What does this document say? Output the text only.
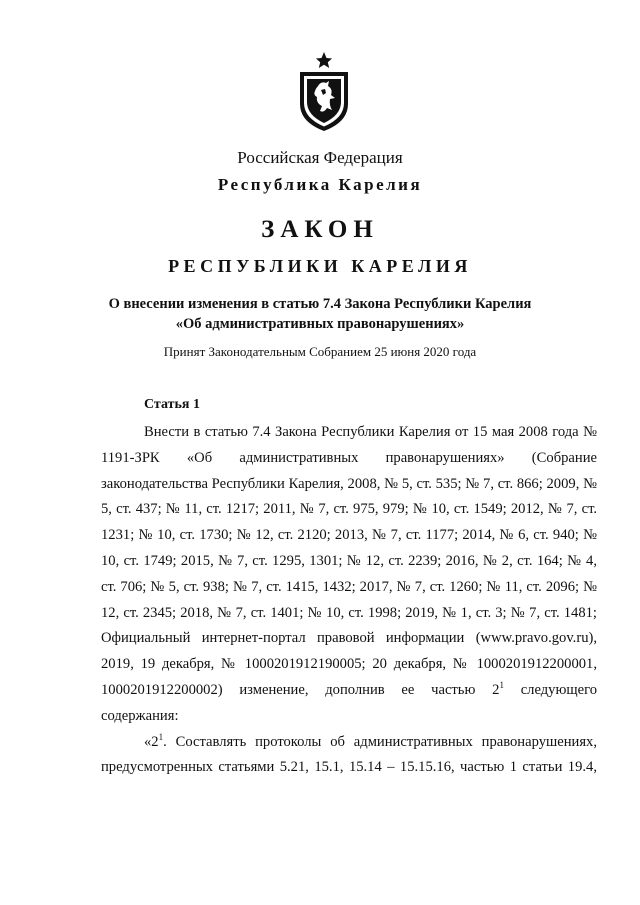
Российская Федерация
Республика Карелия
ЗАКОН
РЕСПУБЛИКИ КАРЕЛИЯ
О внесении изменения в статью 7.4 Закона Республики Карелия
«Об административных правонарушениях»
Принят Законодательным Собранием 25 июня 2020 года
Статья 1

Внести в статью 7.4 Закона Республики Карелия от 15 мая 2008 года № 1191-ЗРК «Об административных правонарушениях» (Собрание законодательства Республики Карелия, 2008, № 5, ст. 535; № 7, ст. 866; 2009, № 5, ст. 437; № 11, ст. 1217; 2011, № 7, ст. 975, 979; № 10, ст. 1549; 2012, № 7, ст. 1231; № 10, ст. 1730; № 12, ст. 2120; 2013, № 7, ст. 1177; 2014, № 6, ст. 940; № 10, ст. 1749; 2015, № 7, ст. 1295, 1301; № 12, ст. 2239; 2016, № 2, ст. 164; № 4, ст. 706; № 5, ст. 938; № 7, ст. 1415, 1432; 2017, № 7, ст. 1260; № 11, ст. 2096; № 12, ст. 2345; 2018, № 7, ст. 1401; № 10, ст. 1998; 2019, № 1, ст. 3; № 7, ст. 1481; Официальный интернет-портал правовой информации (www.pravo.gov.ru), 2019, 19 декабря, № 1000201912190005; 20 декабря, № 1000201912200001, 1000201912200002) изменение, дополнив ее частью $2^1$ следующего содержания:

«$2^1$. Составлять протоколы об административных правонарушениях, предусмотренных статьями 5.21, 15.1, 15.14 – 15.15.16, частью 1 статьи 19.4,
